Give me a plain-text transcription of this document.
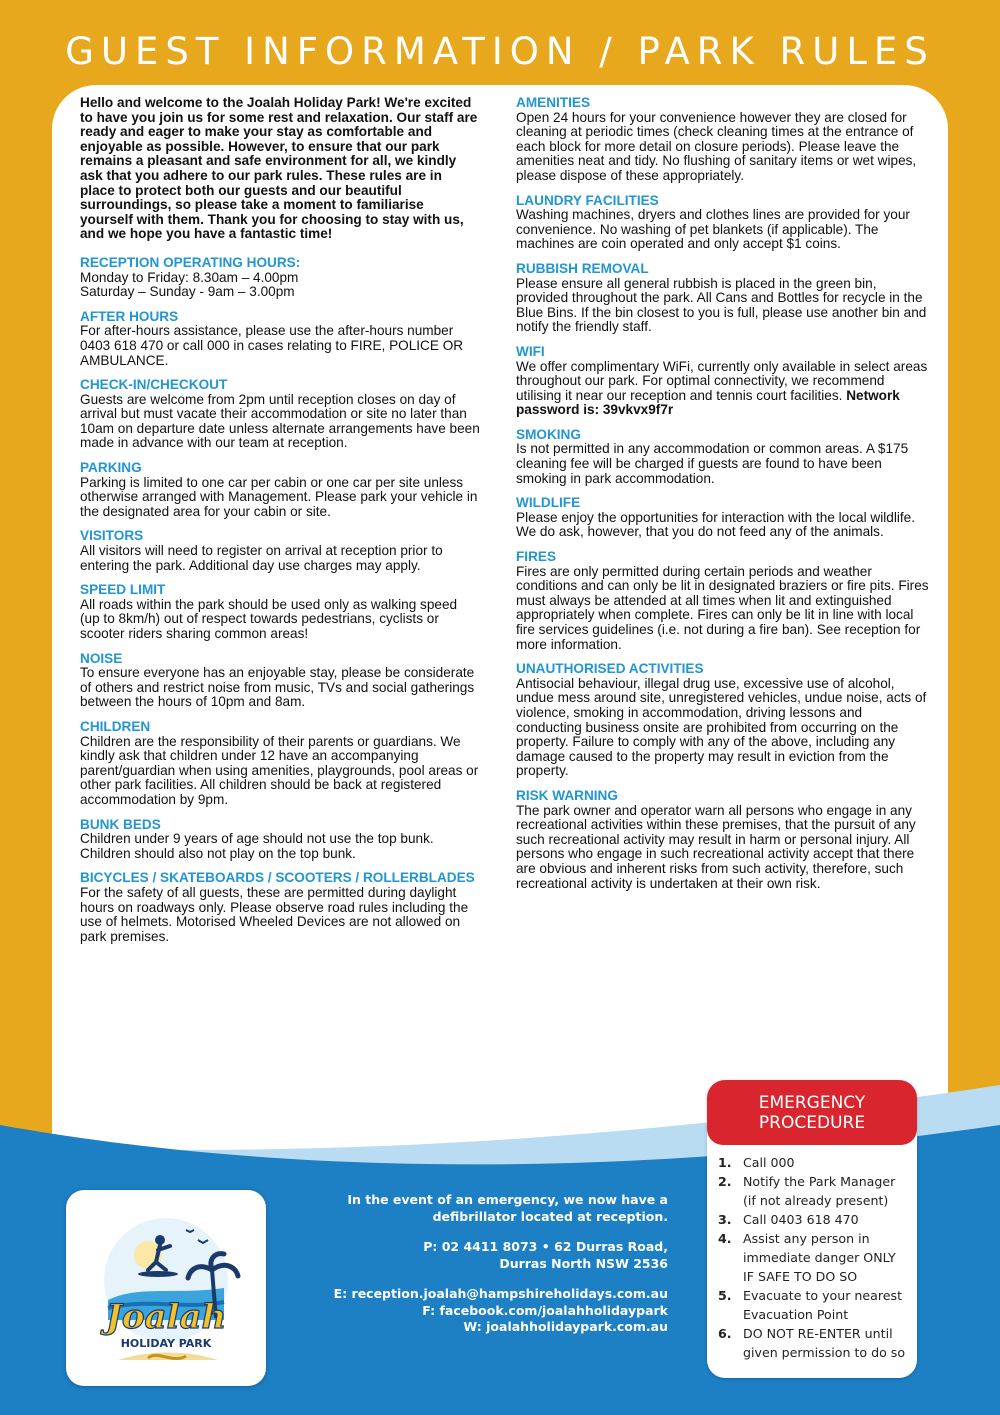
GUEST INFORMATION / PARK RULES

Hello and welcome to the Joalah Holiday Park! We're excited to have you join us for some rest and relaxation. Our staff are ready and eager to make your stay as comfortable and enjoyable as possible. However, to ensure that our park remains a pleasant and safe environment for all, we kindly ask that you adhere to our park rules. These rules are in place to protect both our guests and our beautiful surroundings, so please take a moment to familiarise yourself with them. Thank you for choosing to stay with us, and we hope you have a fantastic time!

RECEPTION OPERATING HOURS:

Monday to Friday: 8.30am – 4.00pm
Saturday – Sunday - 9am – 3.00pm

AFTER HOURS

For after-hours assistance, please use the after-hours number 0403 618 470 or call 000 in cases relating to FIRE, POLICE OR AMBULANCE.

CHECK-IN/CHECKOUT

Guests are welcome from 2pm until reception closes on day of arrival but must vacate their accommodation or site no later than 10am on departure date unless alternate arrangements have been made in advance with our team at reception.

PARKING

Parking is limited to one car per cabin or one car per site unless otherwise arranged with Management. Please park your vehicle in the designated area for your cabin or site.

VISITORS

All visitors will need to register on arrival at reception prior to entering the park. Additional day use charges may apply.

SPEED LIMIT

All roads within the park should be used only as walking speed (up to 8km/h) out of respect towards pedestrians, cyclists or scooter riders sharing common areas!

NOISE

To ensure everyone has an enjoyable stay, please be considerate of others and restrict noise from music, TVs and social gatherings between the hours of 10pm and 8am.

CHILDREN

Children are the responsibility of their parents or guardians. We kindly ask that children under 12 have an accompanying parent/guardian when using amenities, playgrounds, pool areas or other park facilities. All children should be back at registered accommodation by 9pm.

BUNK BEDS

Children under 9 years of age should not use the top bunk. Children should also not play on the top bunk.

BICYCLES / SKATEBOARDS / SCOOTERS / ROLLERBLADES

For the safety of all guests, these are permitted during daylight hours on roadways only. Please observe road rules including the use of helmets. Motorised Wheeled Devices are not allowed on park premises.

AMENITIES

Open 24 hours for your convenience however they are closed for cleaning at periodic times (check cleaning times at the entrance of each block for more detail on closure periods). Please leave the amenities neat and tidy. No flushing of sanitary items or wet wipes, please dispose of these appropriately.

LAUNDRY FACILITIES

Washing machines, dryers and clothes lines are provided for your convenience. No washing of pet blankets (if applicable). The machines are coin operated and only accept $1 coins.

RUBBISH REMOVAL

Please ensure all general rubbish is placed in the green bin, provided throughout the park. All Cans and Bottles for recycle in the Blue Bins. If the bin closest to you is full, please use another bin and notify the friendly staff.

WIFI

We offer complimentary WiFi, currently only available in select areas throughout our park. For optimal connectivity, we recommend utilising it near our reception and tennis court facilities. Network password is: 39vkvx9f7r

SMOKING

Is not permitted in any accommodation or common areas. A $175 cleaning fee will be charged if guests are found to have been smoking in park accommodation.

WILDLIFE

Please enjoy the opportunities for interaction with the local wildlife. We do ask, however, that you do not feed any of the animals.

FIRES

Fires are only permitted during certain periods and weather conditions and can only be lit in designated braziers or fire pits. Fires must always be attended at all times when lit and extinguished appropriately when complete. Fires can only be lit in line with local fire services guidelines (i.e. not during a fire ban). See reception for more information.

UNAUTHORISED ACTIVITIES

Antisocial behaviour, illegal drug use, excessive use of alcohol, undue mess around site, unregistered vehicles, undue noise, acts of violence, smoking in accommodation, driving lessons and conducting business onsite are prohibited from occurring on the property. Failure to comply with any of the above, including any damage caused to the property may result in eviction from the property.

RISK WARNING

The park owner and operator warn all persons who engage in any recreational activities within these premises, that the pursuit of any such recreational activity may result in harm or personal injury. All persons who engage in such recreational activity accept that there are obvious and inherent risks from such activity, therefore, such recreational activity is undertaken at their own risk.

Joalah
HOLIDAY PARK

In the event of an emergency, we now have a defibrillator located at reception.

P: 02 4411 8073 • 62 Durras Road,

Durras North NSW 2536

E: reception.joalah@hampshireholidays.com.au

F: facebook.com/joalahholidaypark

W: joalahholidaypark.com.au

EMERGENCY PROCEDURE
1. Call 000
2. Notify the Park Manager (if not already present)
3. Call 0403 618 470
4. Assist any person in immediate danger ONLY IF SAFE TO DO SO
5. Evacuate to your nearest Evacuation Point
6. DO NOT RE-ENTER until given permission to do so
